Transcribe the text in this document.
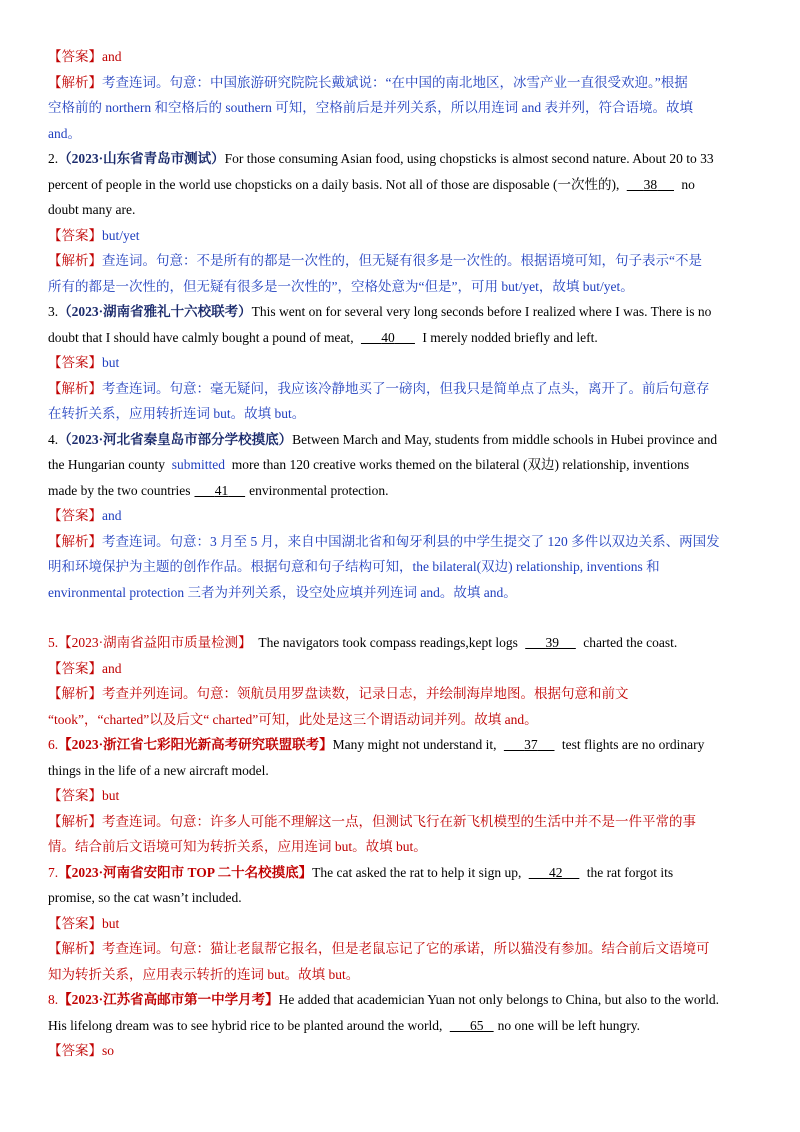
【答案】and
【解析】考查连词。句意：中国旅游研究院院长戴斌说：“在中国的南北地区，冰雪产业一直很受欢迎。”根据
空格前的 northern 和空格后的 southern 可知，空格前后是并列关系，所以用连词 and 表并列，符合语境。故填
and。
2.（2023·山东省青岛市测试）For those consuming Asian food, using chopsticks is almost second nature. About 20 to 33
percent of people in the world use chopsticks on a daily basis. Not all of those are disposable (一次性的), 38 no
doubt many are.
【答案】but/yet
【解析】查连词。句意：不是所有的都是一次性的，但无疑有很多是一次性的。根据语境可知，句子表示“不是
所有的都是一次性的，但无疑有很多是一次性的”，空格处意为“但是”，可用 but/yet，故填 but/yet。
3.（2023·湖南省雅礼十六校联考）This went on for several very long seconds before I realized where I was. There is no
doubt that I should have calmly bought a pound of meat, 40 I merely nodded briefly and left.
【答案】but
【解析】考查连词。句意：毫无疑问，我应该冷静地买了一磅肉，但我只是简单点了点头，离开了。前后句意存
在转折关系，应用转折连词 but。故填 but。
4.（2023·河北省秦皇岛市部分学校摸底）Between March and May, students from middle schools in Hubei province and
the Hungarian county submitted more than 120 creative works themed on the bilateral (双边) relationship, inventions
made by the two countries 41 environmental protection.
【答案】and
【解析】考查连词。句意：3 月至 5 月，来自中国湖北省和匈牙利县的中学生提交了 120 多件以双边关系、两国发
明和环境保护为主题的创作作品。根据句意和句子结构可知，the bilateral(双边) relationship, inventions 和
environmental protection 三者为并列关系，设空处应填并列连词 and。故填 and。
5.【2023·湖南省益阳市质量检测】 The navigators took compass readings,kept logs 39 charted the coast.
【答案】and
【解析】考查并列连词。句意：领航员用罗盘读数，记录日志，并绘制海岸地图。根据句意和前文
“took”，“charted”以及后文“ charted”可知，此处是这三个谓语动词并列。故填 and。
6.【2023·浙江省七彩阳光新高考研究联盟联考】Many might not understand it, 37 test flights are no ordinary
things in the life of a new aircraft model.
【答案】but
【解析】考查连词。句意：许多人可能不理解这一点，但测试飞行在新飞机模型的生活中并不是一件平常的事
情。结合前后文语境可知为转折关系，应用连词 but。故填 but。
7.【2023·河南省安阳市 TOP 二十名校摸底】The cat asked the rat to help it sign up, 42 the rat forgot its
promise, so the cat wasn’t included.
【答案】but
【解析】考查连词。句意：猫让老鼠帮它报名，但是老鼠忘记了它的承诺，所以猫没有参加。结合前后文语境可
知为转折关系，应用表示转折的连词 but。故填 but。
8.【2023·江苏省高邮市第一中学月考】He added that academician Yuan not only belongs to China, but also to the world.
His lifelong dream was to see hybrid rice to be planted around the world, 65 no one will be left hungry.
【答案】so
